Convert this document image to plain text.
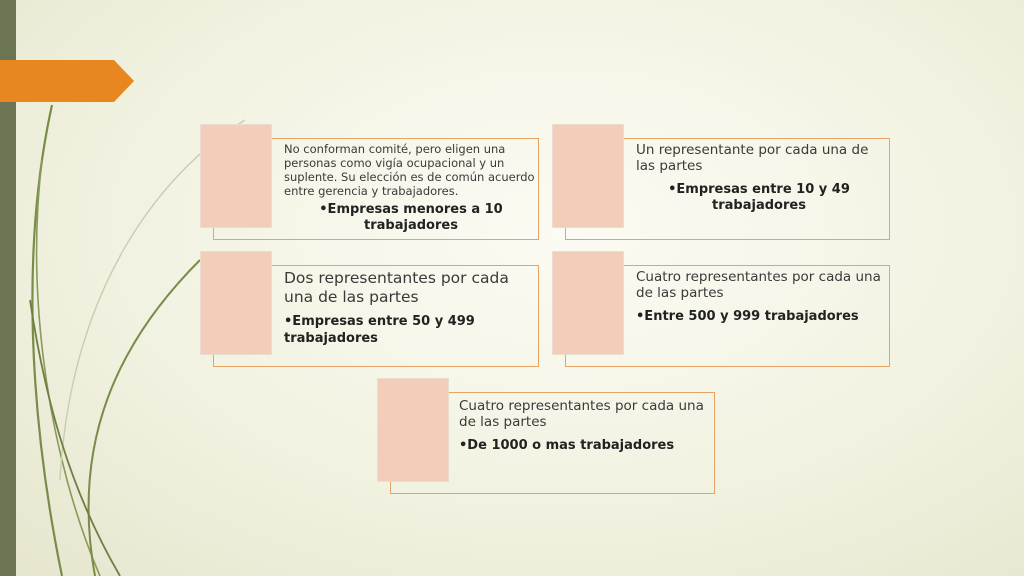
No conforman comité, pero eligen una personas como vigía ocupacional y un suplente. Su elección es de común acuerdo entre gerencia y trabajadores.

•Empresas menores a 10 trabajadores

Un representante por cada una de las partes

•Empresas entre 10 y 49 trabajadores

Dos representantes por cada una de las partes

•Empresas entre 50 y 499 trabajadores

Cuatro representantes por cada una de las partes

•Entre 500 y 999 trabajadores

Cuatro representantes por cada una de las partes

•De 1000 o mas trabajadores
